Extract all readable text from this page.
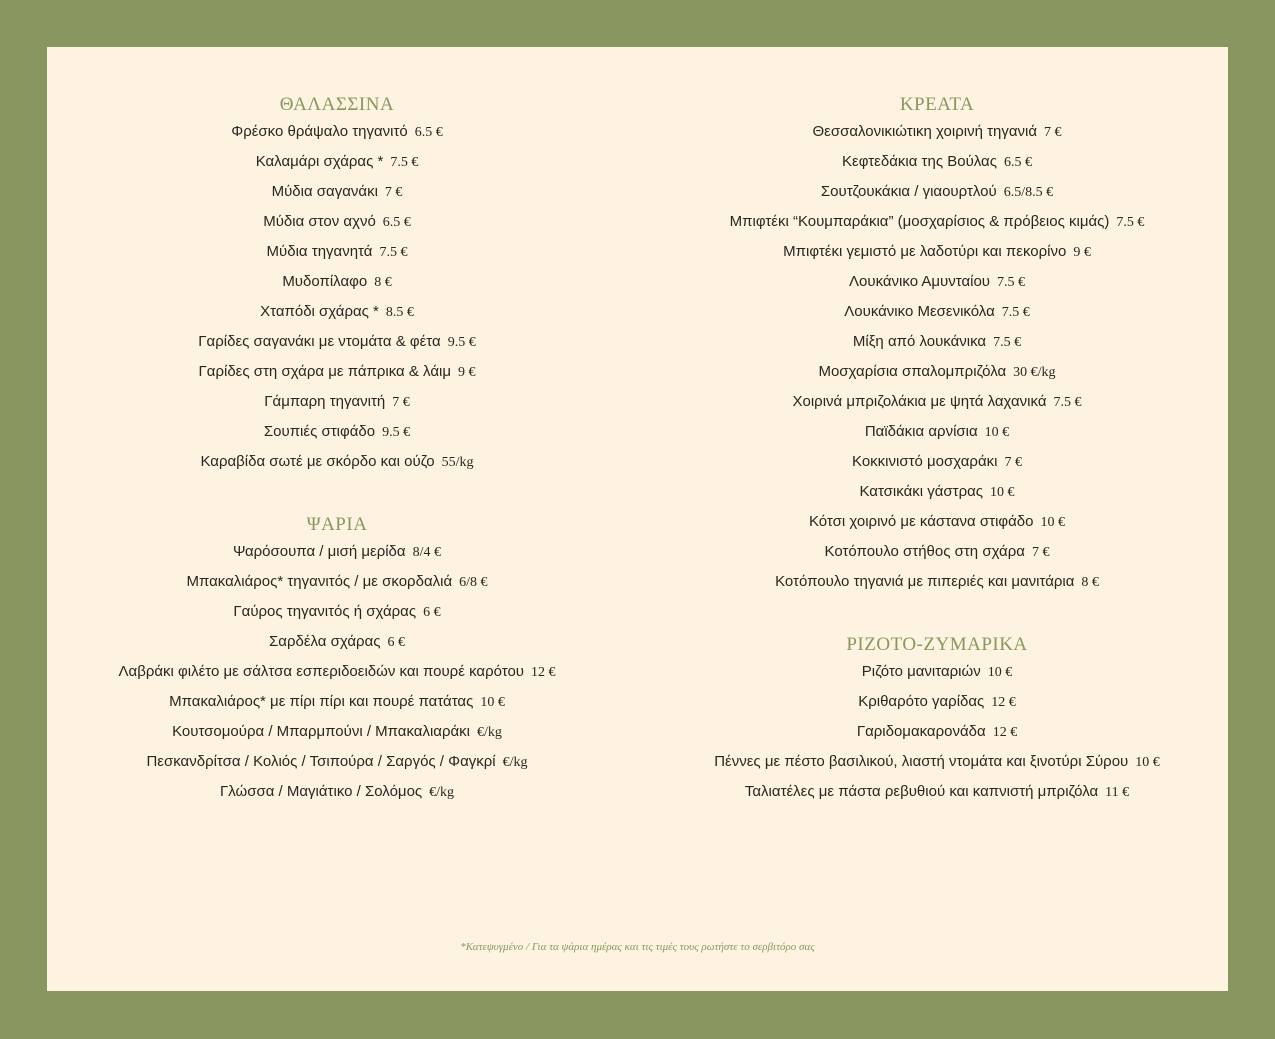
ΘΑΛΑΣΣΙΝΑ
Φρέσκο θράψαλο τηγανιτό 6.5 €
Καλαμάρι σχάρας * 7.5 €
Μύδια σαγανάκι 7 €
Μύδια στον αχνό 6.5 €
Μύδια τηγανητά 7.5 €
Μυδοπίλαφο 8 €
Χταπόδι σχάρας * 8.5 €
Γαρίδες σαγανάκι με ντομάτα & φέτα 9.5 €
Γαρίδες στη σχάρα με πάπρικα & λάιμ 9 €
Γάμπαρη τηγανιτή 7 €
Σουπιές στιφάδο 9.5 €
Καραβίδα σωτέ με σκόρδο και ούζο 55/kg
ΨΑΡΙΑ
Ψαρόσουπα / μισή μερίδα 8/4 €
Μπακαλιάρος* τηγανιτός / με σκορδαλιά 6/8 €
Γαύρος τηγανιτός ή σχάρας 6 €
Σαρδέλα σχάρας 6 €
Λαβράκι φιλέτο με σάλτσα εσπεριδοειδών και πουρέ καρότου 12 €
Μπακαλιάρος* με πίρι πίρι και πουρέ πατάτας 10 €
Κουτσομούρα / Μπαρμπούνι / Μπακαλιαράκι €/kg
Πεσκανδρίτσα / Κολιός / Τσιπούρα / Σαργός / Φαγκρί €/kg
Γλώσσα / Μαγιάτικο / Σολόμος €/kg
ΚΡΕΑΤΑ
Θεσσαλονικιώτικη χοιρινή τηγανιά 7 €
Κεφτεδάκια της Βούλας 6.5 €
Σουτζουκάκια / γιαουρτλού 6.5/8.5 €
Μπιφτέκι “Κουμπαράκια” (μοσχαρίσιος & πρόβειος κιμάς) 7.5 €
Μπιφτέκι γεμιστό με λαδοτύρι και πεκορίνο 9 €
Λουκάνικο Αμυνταίου 7.5 €
Λουκάνικο Μεσενικόλα 7.5 €
Μίξη από λουκάνικα 7.5 €
Μοσχαρίσια σπαλομπριζόλα 30 €/kg
Χοιρινά μπριζολάκια με ψητά λαχανικά 7.5 €
Παϊδάκια αρνίσια 10 €
Κοκκινιστό μοσχαράκι 7 €
Κατσικάκι γάστρας 10 €
Κότσι χοιρινό με κάστανα στιφάδο 10 €
Κοτόπουλο στήθος στη σχάρα 7 €
Κοτόπουλο τηγανιά με πιπεριές και μανιτάρια 8 €
ΡΙΖΟΤΟ-ΖΥΜΑΡΙΚΑ
Ριζότο μανιταριών 10 €
Κριθαρότο γαρίδας 12 €
Γαριδομακαρονάδα 12 €
Πέννες με πέστο βασιλικού, λιαστή ντομάτα και ξινοτύρι Σύρου 10 €
Ταλιατέλες με πάστα ρεβυθιού και καπνιστή μπριζόλα 11 €
*Κατεψυγμένο / Για τα ψάρια ημέρας και τις τιμές τους ρωτήστε το σερβιτόρο σας
